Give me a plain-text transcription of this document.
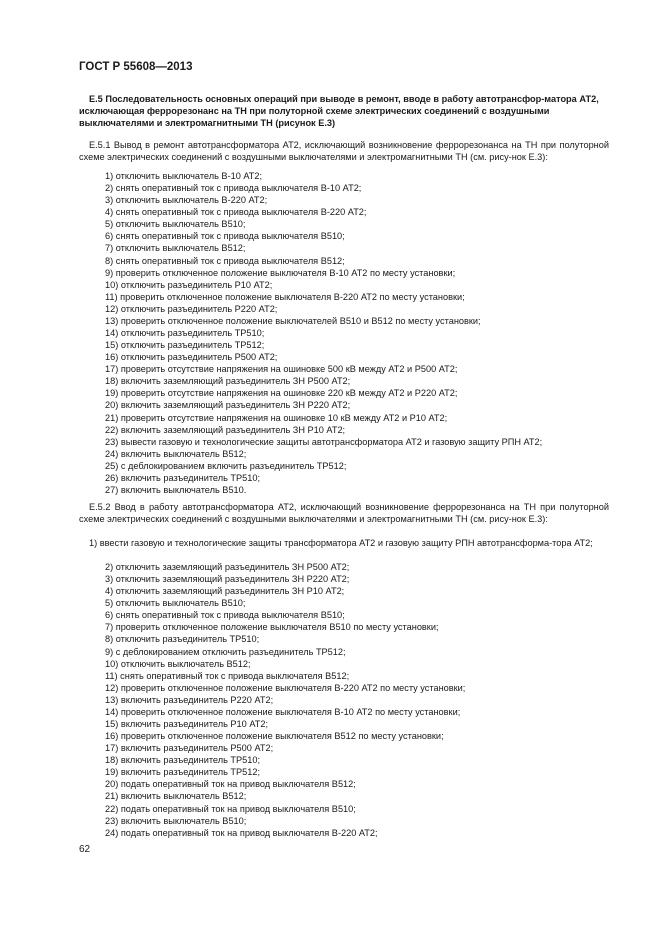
ГОСТ Р 55608—2013
Е.5 Последовательность основных операций при выводе в ремонт, вводе в работу автотрансфор-матора АТ2, исключающая феррорезонанс на ТН при полуторной схеме электрических соединений с воздушными выключателями и электромагнитными ТН (рисунок Е.3)
Е.5.1 Вывод в ремонт автотрансформатора АТ2, исключающий возникновение феррорезонанса на ТН при полуторной схеме электрических соединений с воздушными выключателями и электромагнитными ТН (см. рису-нок Е.3):
1) отключить выключатель В-10 АТ2;
2) снять оперативный ток с привода выключателя В-10 АТ2;
3) отключить выключатель В-220 АТ2;
4) снять оперативный ток с привода выключателя В-220 АТ2;
5) отключить выключатель В510;
6) снять оперативный ток с привода выключателя В510;
7) отключить выключатель В512;
8) снять оперативный ток с привода выключателя В512;
9) проверить отключенное положение выключателя В-10 АТ2 по месту установки;
10) отключить разъединитель Р10 АТ2;
11) проверить отключенное положение выключателя В-220 АТ2 по месту установки;
12) отключить разъединитель Р220 АТ2;
13) проверить отключенное положение выключателей В510 и В512 по месту установки;
14) отключить разъединитель ТР510;
15) отключить разъединитель ТР512;
16) отключить разъединитель Р500 АТ2;
17) проверить отсутствие напряжения на ошиновке 500 кВ между АТ2 и Р500 АТ2;
18) включить заземляющий разъединитель ЗН Р500 АТ2;
19) проверить отсутствие напряжения на ошиновке 220 кВ между АТ2 и Р220 АТ2;
20) включить заземляющий разъединитель ЗН Р220 АТ2;
21) проверить отсутствие напряжения на ошиновке 10 кВ между АТ2 и Р10 АТ2;
22) включить заземляющий разъединитель ЗН Р10 АТ2;
23) вывести газовую и технологические защиты автотрансформатора АТ2 и газовую защиту РПН АТ2;
24) включить выключатель В512;
25) с деблокированием включить разъединитель ТР512;
26) включить разъединитель ТР510;
27) включить выключатель В510.
Е.5.2 Ввод в работу автотрансформатора АТ2, исключающий возникновение феррорезонанса на ТН при полуторной схеме электрических соединений с воздушными выключателями и электромагнитными ТН (см. рису-нок Е.3):
1) ввести газовую и технологические защиты трансформатора АТ2 и газовую защиту РПН автотрансформа-тора АТ2;
2) отключить заземляющий разъединитель ЗН Р500 АТ2;
3) отключить заземляющий разъединитель ЗН Р220 АТ2;
4) отключить заземляющий разъединитель ЗН Р10 АТ2;
5) отключить выключатель В510;
6) снять оперативный ток с привода выключателя В510;
7) проверить отключенное положение выключателя В510 по месту установки;
8) отключить разъединитель ТР510;
9) с деблокированием отключить разъединитель ТР512;
10) отключить выключатель В512;
11) снять оперативный ток с привода выключателя В512;
12) проверить отключенное положение выключателя В-220 АТ2 по месту установки;
13) включить разъединитель Р220 АТ2;
14) проверить отключенное положение выключателя В-10 АТ2 по месту установки;
15) включить разъединитель Р10 АТ2;
16) проверить отключенное положение выключателя В512 по месту установки;
17) включить разъединитель Р500 АТ2;
18) включить разъединитель ТР510;
19) включить разъединитель ТР512;
20) подать оперативный ток на привод выключателя В512;
21) включить выключатель В512;
22) подать оперативный ток на привод выключателя В510;
23) включить выключатель В510;
24) подать оперативный ток на привод выключателя В-220 АТ2;
62
